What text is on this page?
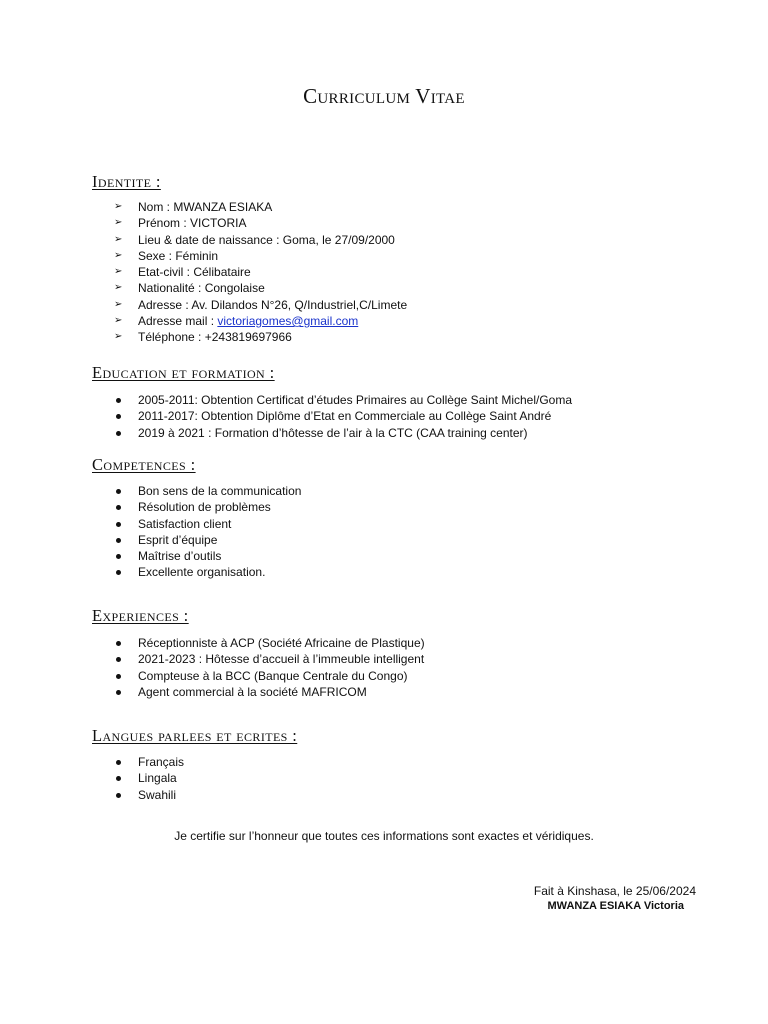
Curriculum Vitae
Identite :
➢ Nom : MWANZA ESIAKA
➢ Prénom : VICTORIA
➢ Lieu & date de naissance : Goma, le 27/09/2000
➢ Sexe : Féminin
➢ Etat-civil : Célibataire
➢ Nationalité : Congolaise
➢ Adresse : Av. Dilandos N°26, Q/Industriel,C/Limete
➢ Adresse mail : victoriagomes@gmail.com
➢ Téléphone : +243819697966
Education et formation :
2005-2011: Obtention Certificat d’études Primaires au Collège Saint Michel/Goma
2011-2017: Obtention Diplôme d’Etat en Commerciale au Collège Saint André
2019 à 2021 : Formation d’hôtesse de l’air à la CTC (CAA training center)
Competences :
Bon sens de la communication
Résolution de problèmes
Satisfaction client
Esprit d’équipe
Maîtrise d’outils
Excellente organisation.
Experiences :
Réceptionniste à ACP (Société Africaine de Plastique)
2021-2023 : Hôtesse d’accueil à l’immeuble intelligent
Compteuse à la BCC (Banque Centrale du Congo)
Agent commercial à la société MAFRICOM
Langues parlees et ecrites :
Français
Lingala
Swahili
Je certifie sur l’honneur que toutes ces informations sont exactes et véridiques.
Fait à Kinshasa, le 25/06/2024
MWANZA ESIAKA Victoria
